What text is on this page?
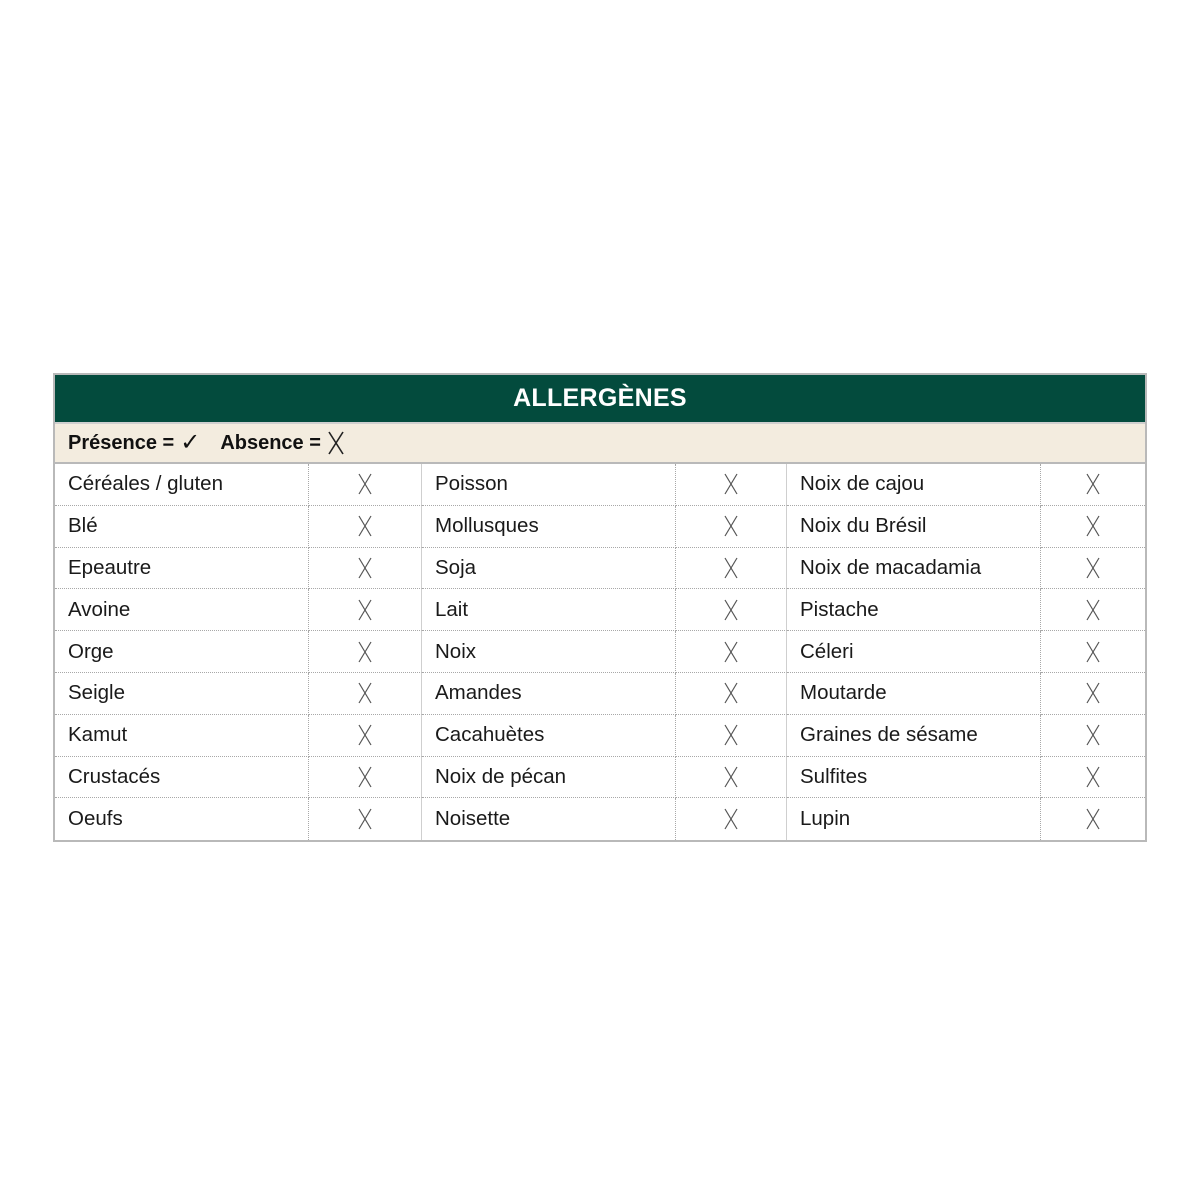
ALLERGÈNES
Présence = ✓ Absence =
Céréales / gluten	Poisson	Noix de cajou
Blé	Mollusques	Noix du Brésil
Epeautre	Soja	Noix de macadamia
Avoine	Lait	Pistache
Orge	Noix	Céleri
Seigle	Amandes	Moutarde
Kamut	Cacahuètes	Graines de sésame
Crustacés	Noix de pécan	Sulfites
Oeufs	Noisette	Lupin
